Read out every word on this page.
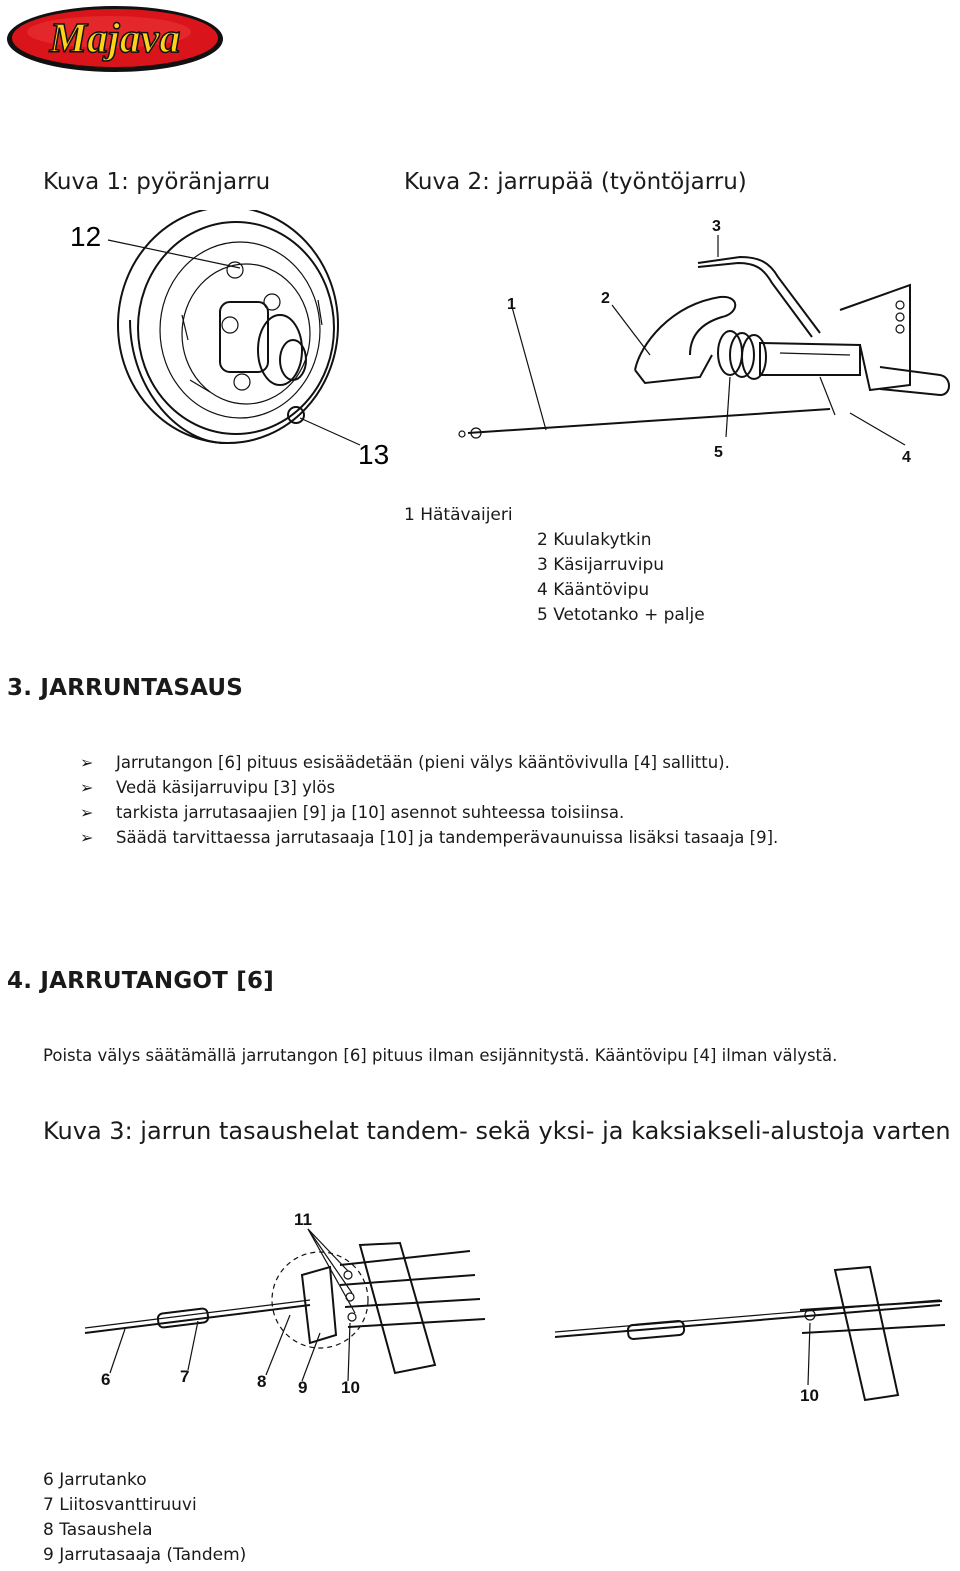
Majava
Kuva 1: pyöränjarru	Kuva 2: jarrupää (työntöjarru)
12
13
1	2
3
4
5
1 Hätävaijeri
2 Kuulakytkin
3 Käsijarruvipu
4 Kääntövipu
5 Vetotanko + palje
3. JARRUNTASAUS
➢	Jarrutangon [6] pituus esisäädetään (pieni välys kääntövivulla [4] sallittu).
➢	Vedä käsijarruvipu [3] ylös
➢	tarkista jarrutasaajien [9] ja [10] asennot suhteessa toisiinsa.
➢	Säädä tarvittaessa jarrutasaaja [10] ja tandemperävaunuissa lisäksi tasaaja [9].
4. JARRUTANGOT [6]
Poista välys säätämällä jarrutangon [6] pituus ilman esijännitystä. Kääntövipu [4] ilman välystä.
Kuva 3: jarrun tasaushelat tandem- sekä yksi- ja kaksiakseli-alustoja varten
6	7	8 9 10
11
10
6 Jarrutanko
7 Liitosvanttiruuvi
8 Tasaushela
9 Jarrutasaaja (Tandem)
